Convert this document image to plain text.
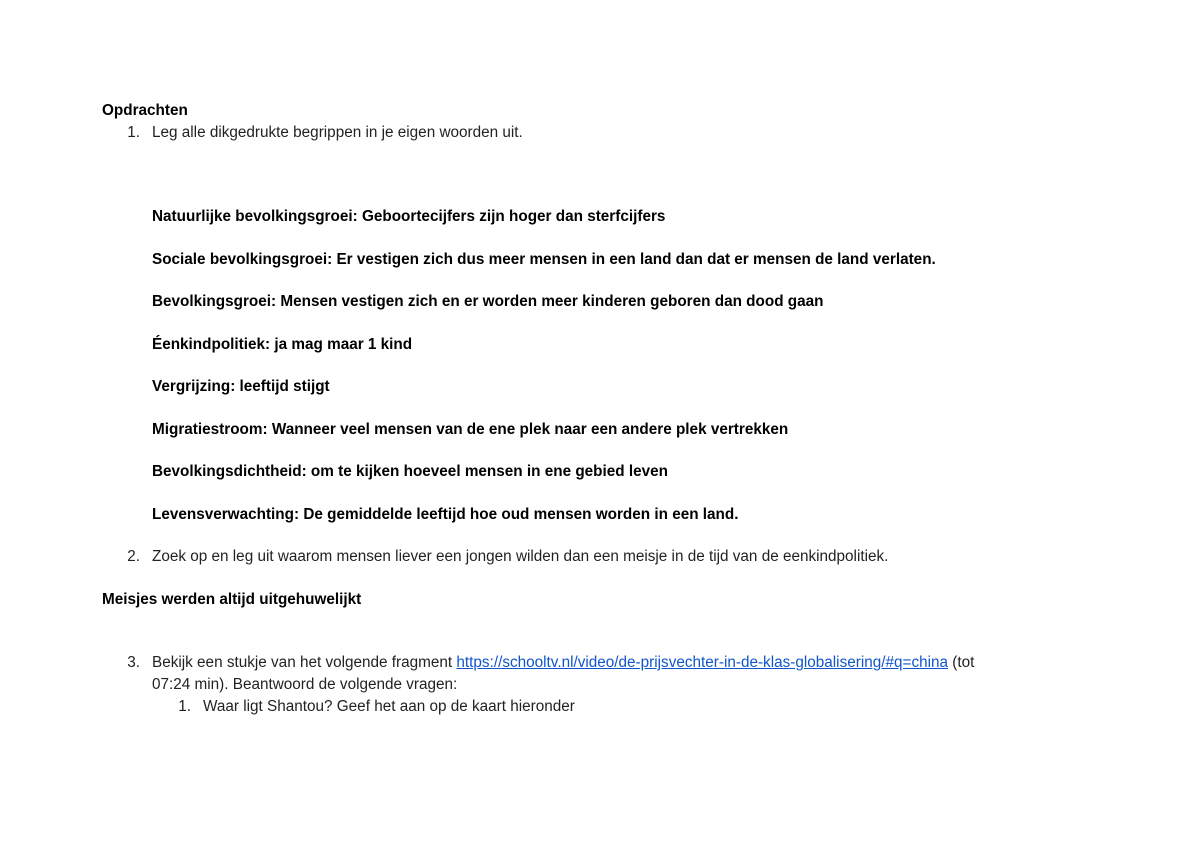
Opdrachten
1. Leg alle dikgedrukte begrippen in je eigen woorden uit.
Natuurlijke bevolkingsgroei: Geboortecijfers zijn hoger dan sterfcijfers
Sociale bevolkingsgroei: Er vestigen zich dus meer mensen in een land dan dat er mensen de land verlaten.
Bevolkingsgroei: Mensen vestigen zich en er worden meer kinderen geboren dan dood gaan
Éenkindpolitiek: ja mag maar 1 kind
Vergrijzing: leeftijd stijgt
Migratiestroom: Wanneer veel mensen van de ene plek naar een andere plek vertrekken
Bevolkingsdichtheid: om te kijken hoeveel mensen in ene gebied leven
Levensverwachting: De gemiddelde leeftijd hoe oud mensen worden in een land.
2. Zoek op en leg uit waarom mensen liever een jongen wilden dan een meisje in de tijd van de eenkindpolitiek.
Meisjes werden altijd uitgehuwelijkt
3. Bekijk een stukje van het volgende fragment https://schooltv.nl/video/de-prijsvechter-in-de-klas-globalisering/#q=china (tot
07:24 min). Beantwoord de volgende vragen:
1. Waar ligt Shantou? Geef het aan op de kaart hieronder
